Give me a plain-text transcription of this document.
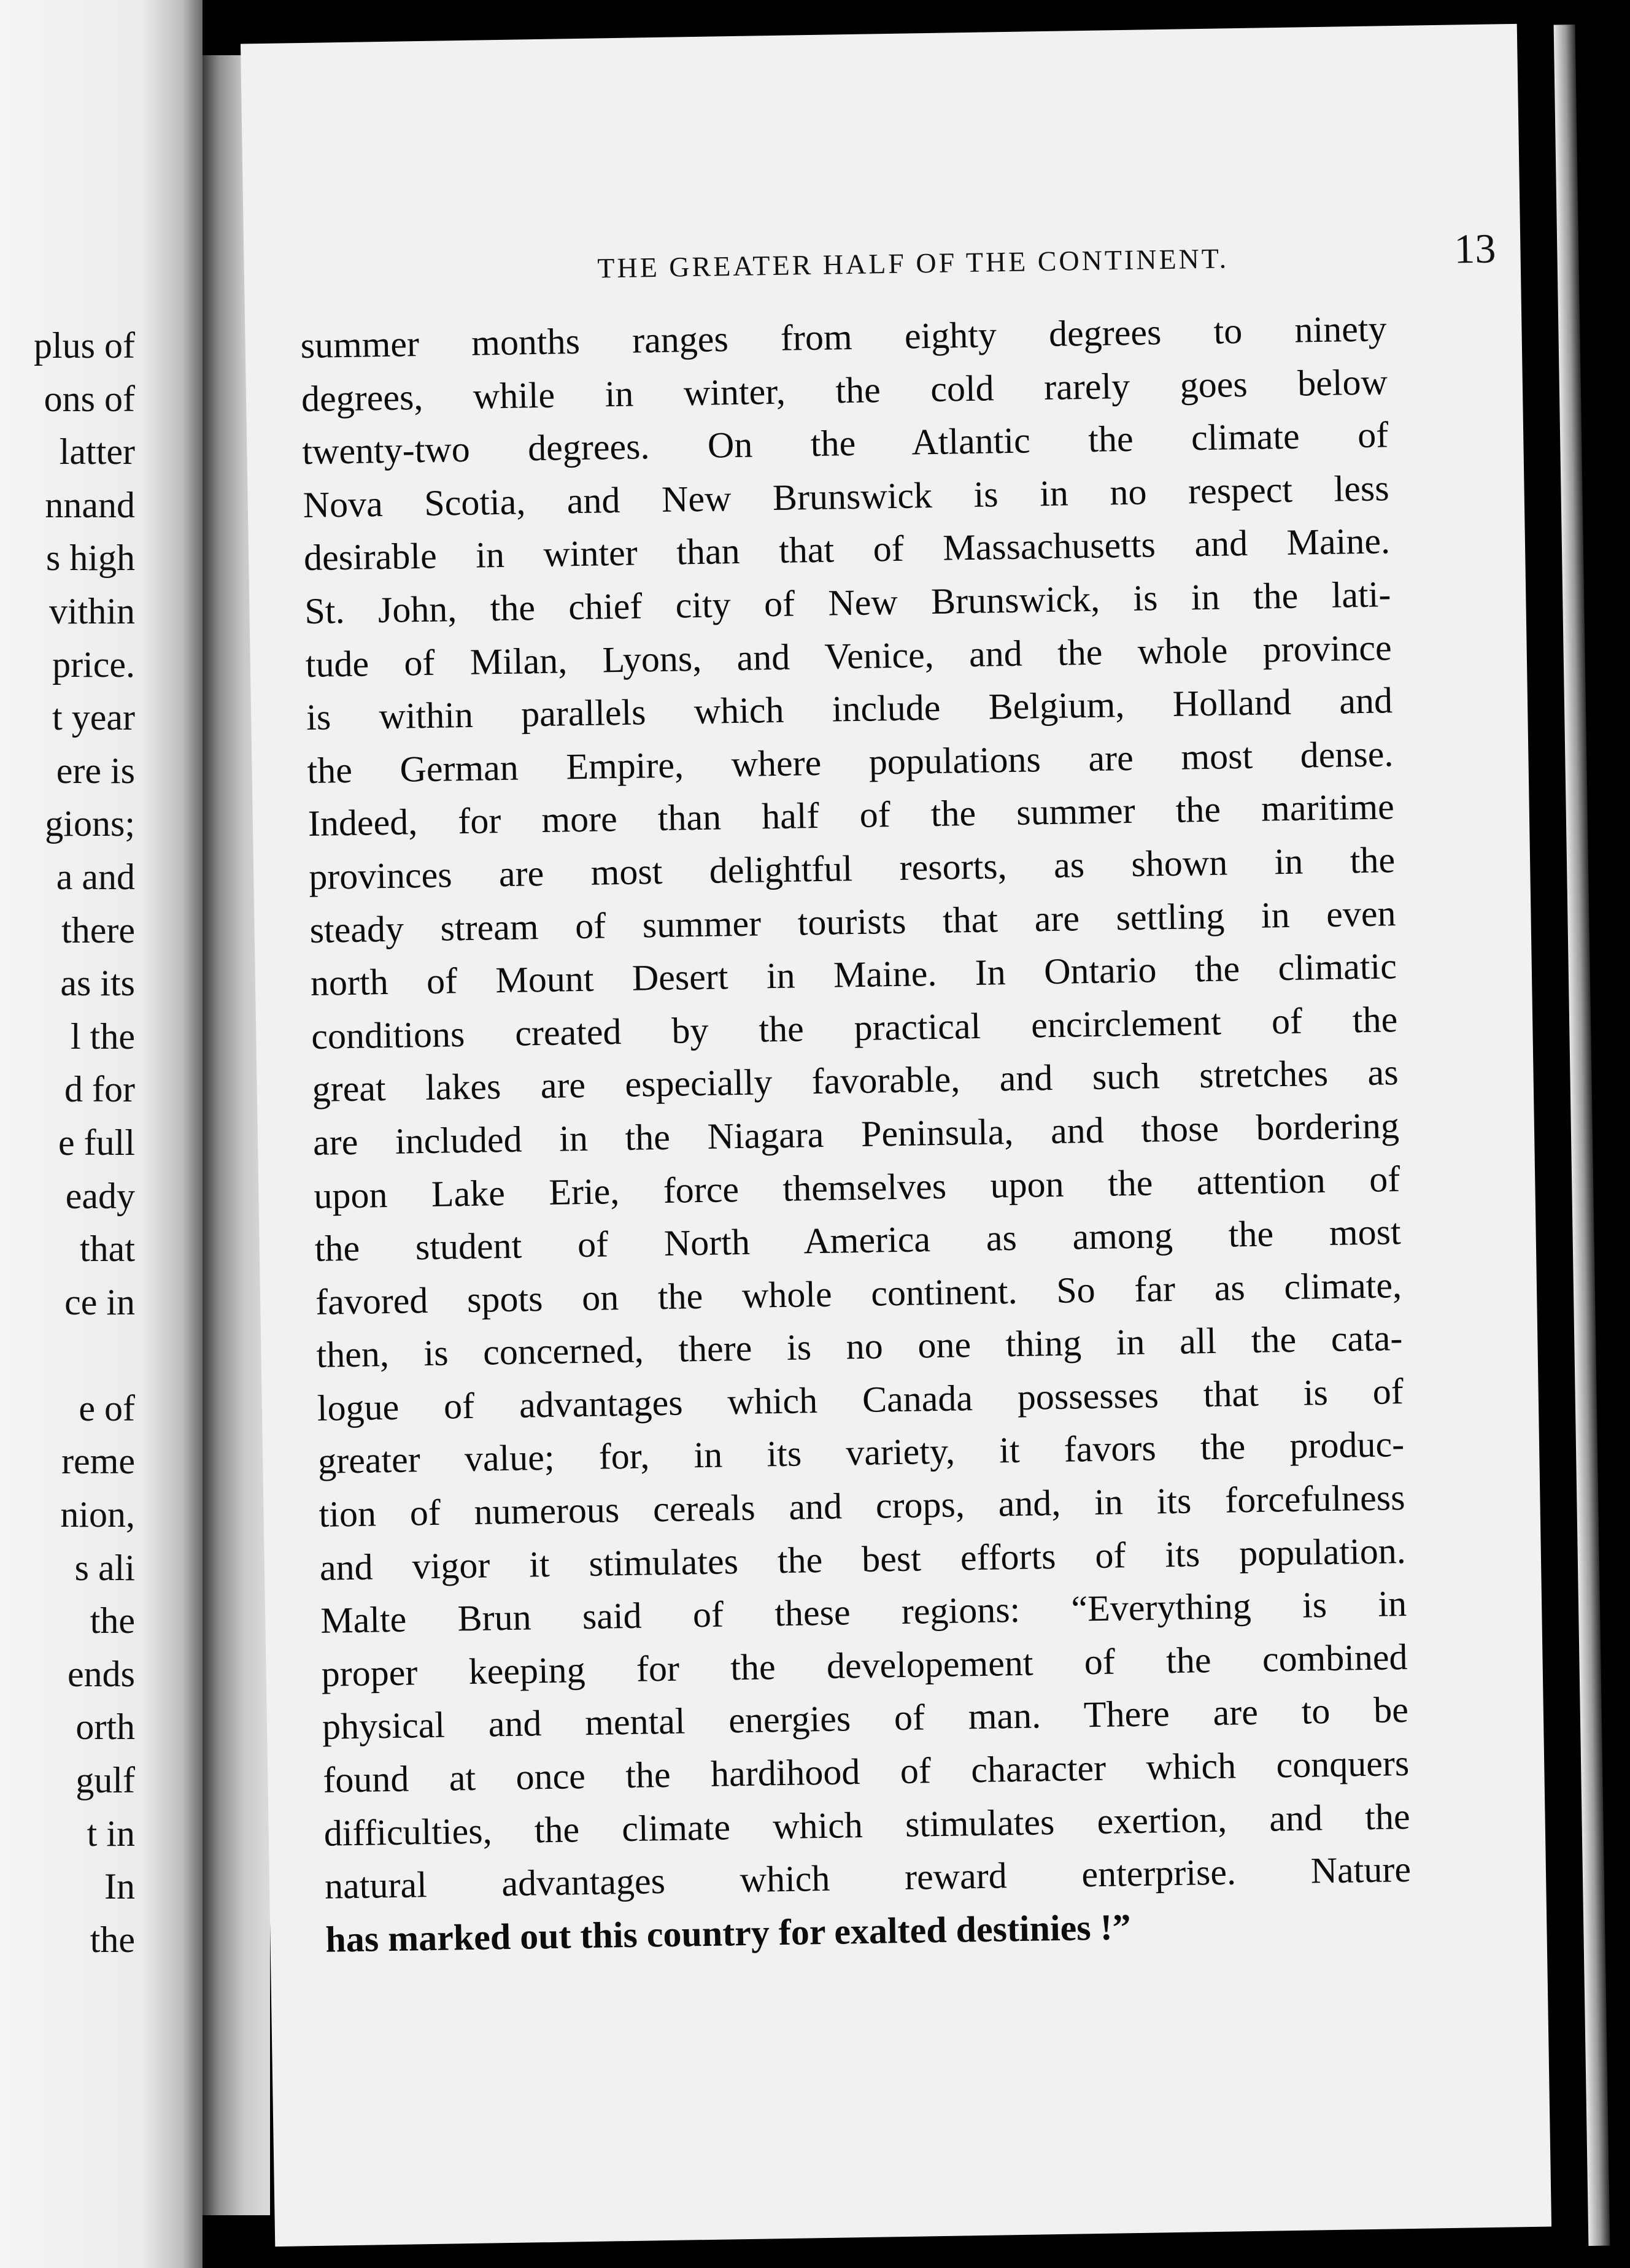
plus of
ons of
latter
nnand
s high
vithin
price.
t year
ere is
gions;
a and
there
as its
l the
d for
e full
eady
that
ce in
e of
reme
nion,
s ali
the
ends
orth
gulf
t in
In
the
THE GREATER HALF OF THE CONTINENT.	13
summer months ranges from eighty degrees to ninety
degrees, while in winter, the cold rarely goes below
twenty-two degrees. On the Atlantic the climate of
Nova Scotia, and New Brunswick is in no respect less
desirable in winter than that of Massachusetts and Maine.
St. John, the chief city of New Brunswick, is in the lati-
tude of Milan, Lyons, and Venice, and the whole province
is within parallels which include Belgium, Holland and
the German Empire, where populations are most dense.
Indeed, for more than half of the summer the maritime
provinces are most delightful resorts, as shown in the
steady stream of summer tourists that are settling in even
north of Mount Desert in Maine. In Ontario the climatic
conditions created by the practical encirclement of the
great lakes are especially favorable, and such stretches as
are included in the Niagara Peninsula, and those bordering
upon Lake Erie, force themselves upon the attention of
the student of North America as among the most
favored spots on the whole continent. So far as climate,
then, is concerned, there is no one thing in all the cata-
logue of advantages which Canada possesses that is of
greater value; for, in its variety, it favors the produc-
tion of numerous cereals and crops, and, in its forcefulness
and vigor it stimulates the best efforts of its population.
Malte Brun said of these regions: “Everything is in
proper keeping for the developement of the combined
physical and mental energies of man. There are to be
found at once the hardihood of character which conquers
difficulties, the climate which stimulates exertion, and the
natural advantages which reward enterprise. Nature
has marked out this country for exalted destinies !”
